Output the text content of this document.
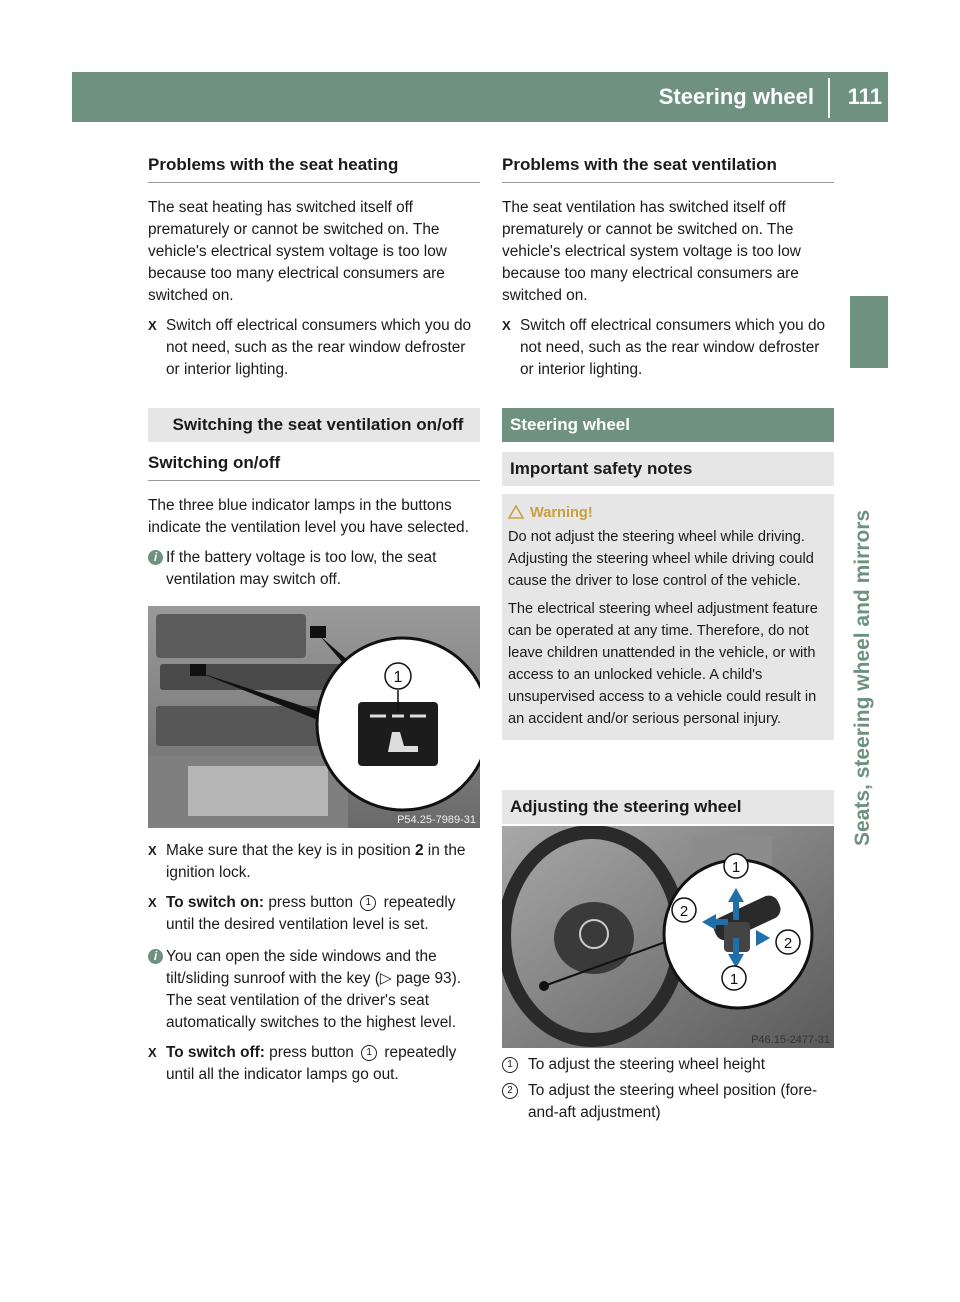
Steering wheel 111
Seats, steering wheel and mirrors
Problems with the seat heating

The seat heating has switched itself off prematurely or cannot be switched on. The vehicle's electrical system voltage is too low because too many electrical consumers are switched on.

X Switch off electrical consumers which you do not need, such as the rear window defroster or interior lighting.

Switching the seat ventilation on/off
Switching on/off

The three blue indicator lamps in the buttons indicate the ventilation level you have selected.

i If the battery voltage is too low, the seat ventilation may switch off.
1
P54.25-7989-31

X Make sure that the key is in position 2 in the ignition lock.

X To switch on: press button 1 repeatedly until the desired ventilation level is set.

i You can open the side windows and the tilt/sliding sunroof with the key (▷ page 93). The seat ventilation of the driver's seat automatically switches to the highest level.

X To switch off: press button 1 repeatedly until all the indicator lamps go out.

Problems with the seat ventilation

The seat ventilation has switched itself off prematurely or cannot be switched on. The vehicle's electrical system voltage is too low because too many electrical consumers are switched on.

X Switch off electrical consumers which you do not need, such as the rear window defroster or interior lighting.

Steering wheel
Important safety notes
Warning!

Do not adjust the steering wheel while driving. Adjusting the steering wheel while driving could cause the driver to lose control of the vehicle.

The electrical steering wheel adjustment feature can be operated at any time. Therefore, do not leave children unattended in the vehicle, or with access to an unlocked vehicle. A child's unsupervised access to a vehicle could result in an accident and/or serious personal injury.

Adjusting the steering wheel
1
2
2
1
P46.15-2477-31
1 To adjust the steering wheel height
2 To adjust the steering wheel position (fore-and-aft adjustment)
